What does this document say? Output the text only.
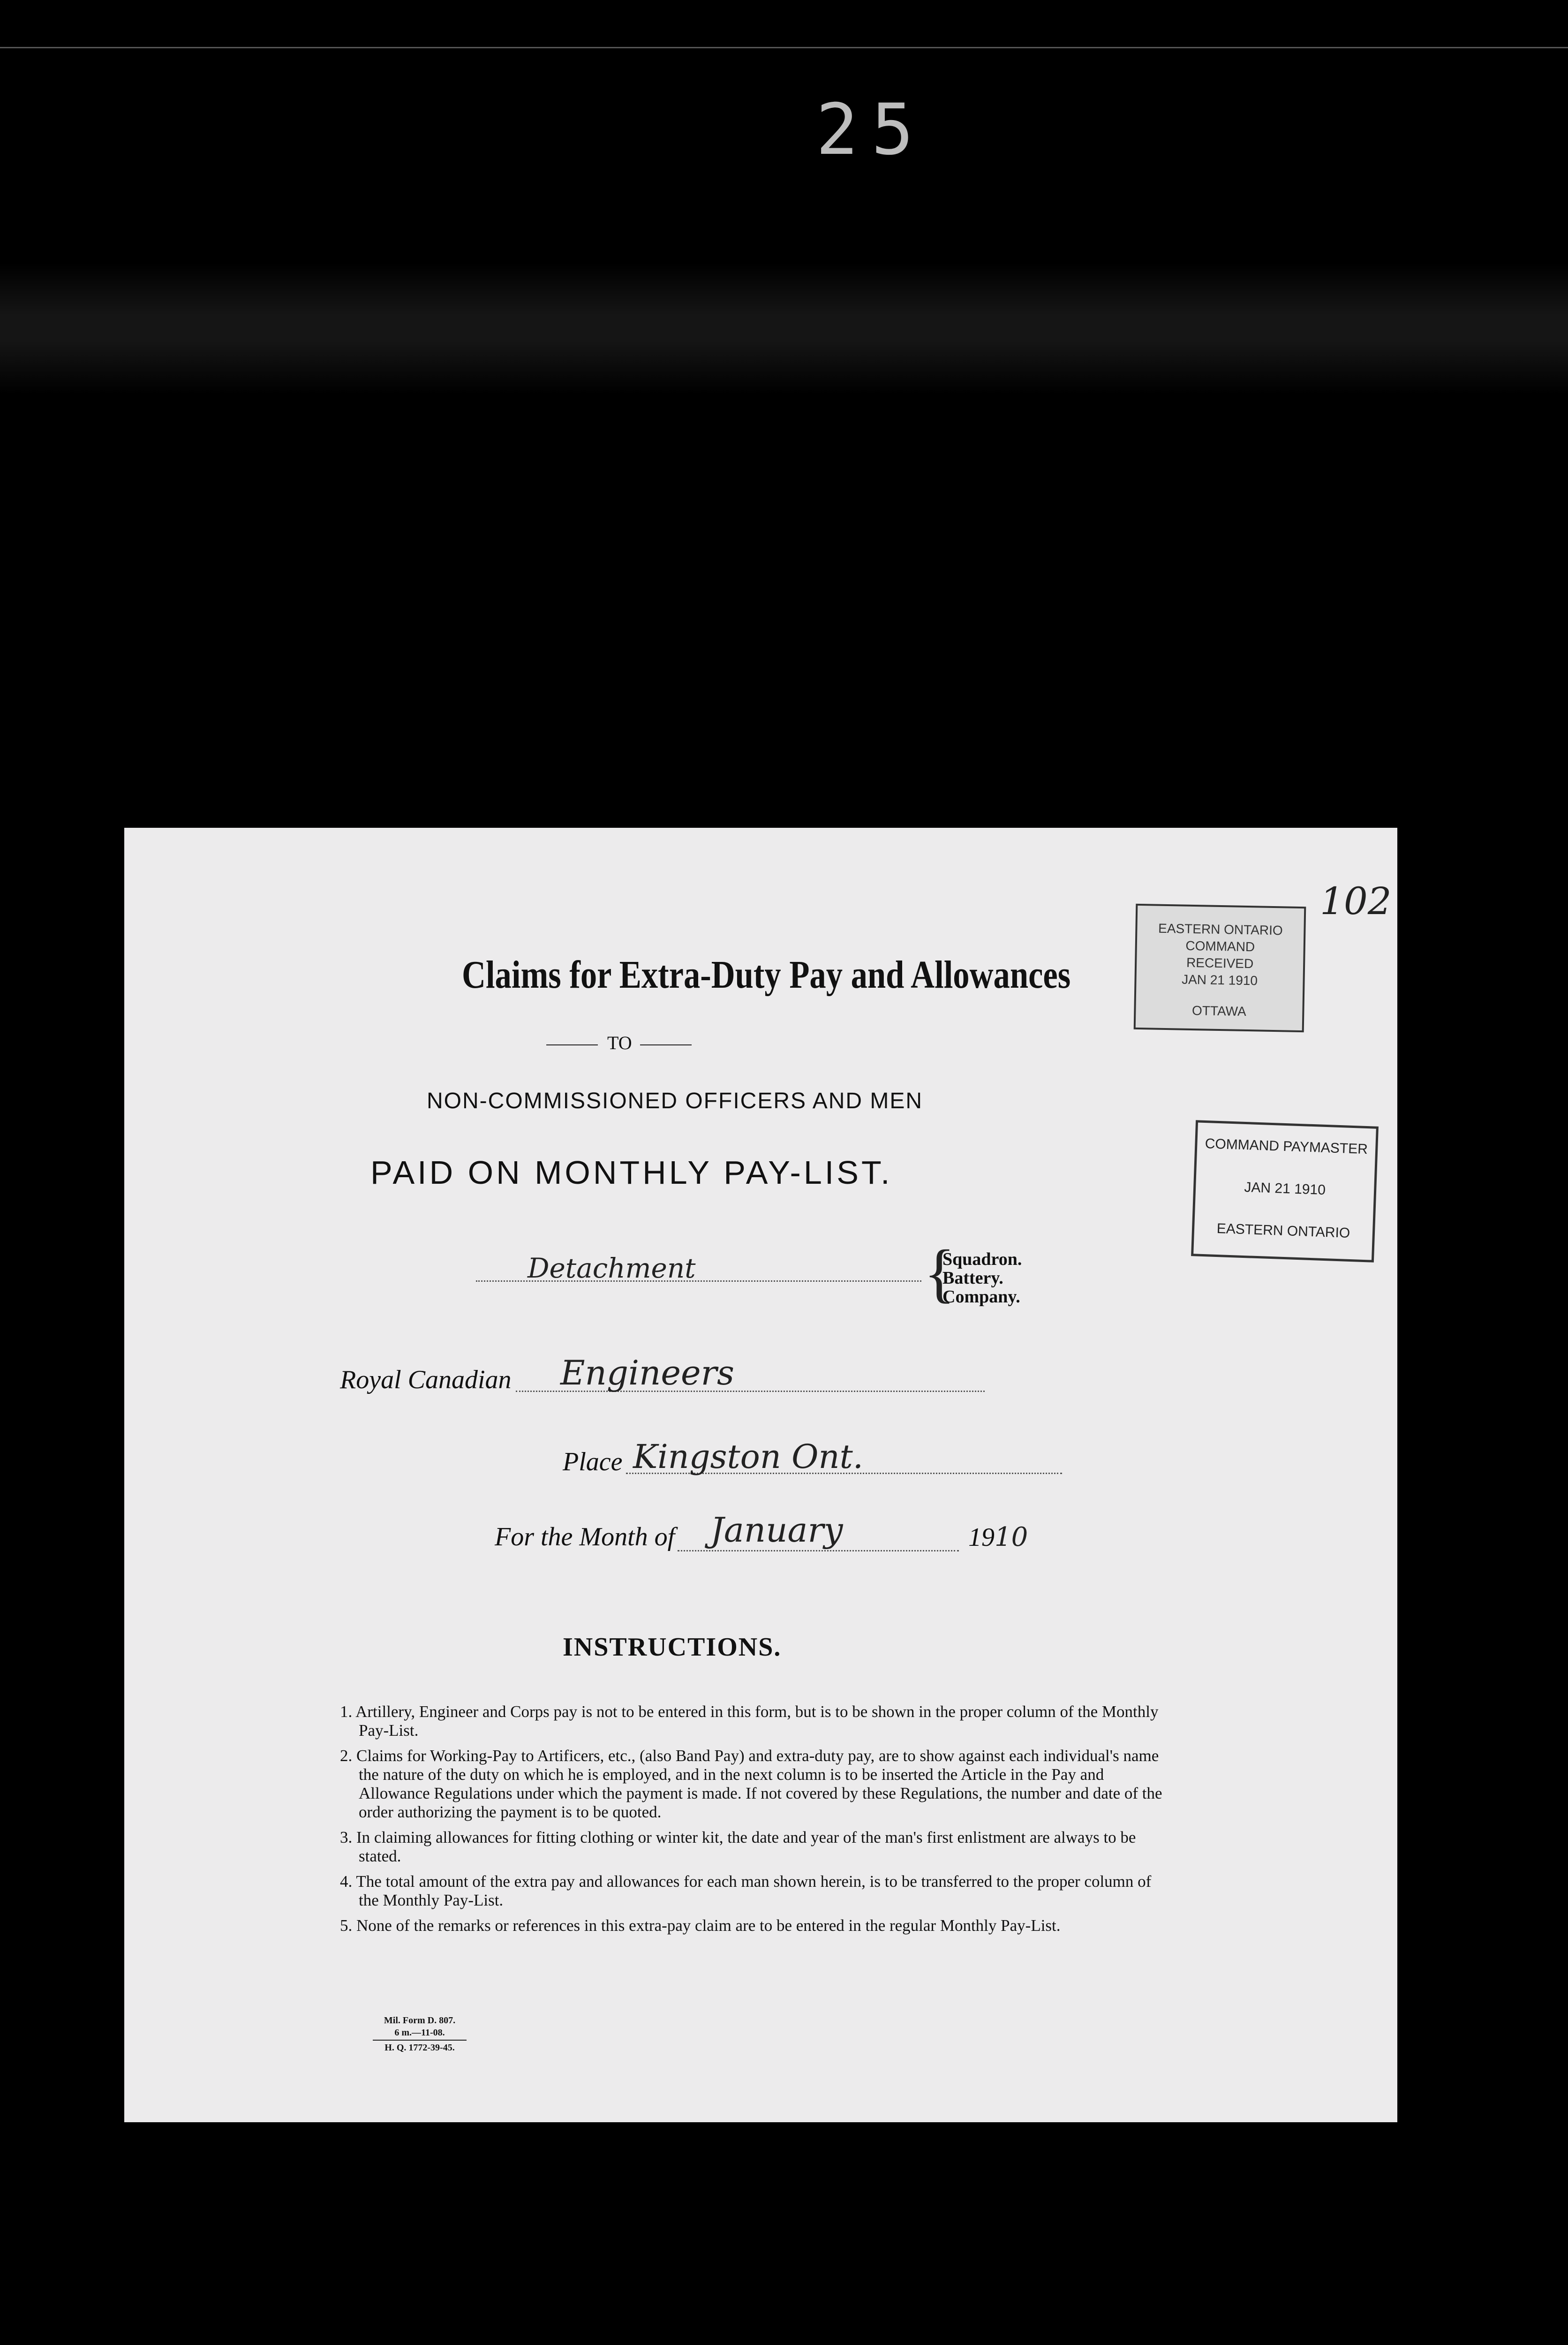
25
102
EASTERN ONTARIO COMMAND
RECEIVED
JAN 21 1910
OTTAWA
COMMAND PAYMASTER
JAN 21 1910
EASTERN ONTARIO
Claims for Extra-Duty Pay and Allowances
TO
NON-COMMISSIONED OFFICERS AND MEN
PAID ON MONTHLY PAY-LIST.
Detachment	{
Squadron.
Battery.
Company.
Royal Canadian Engineers
Place Kingston Ont.
For the Month of January	1910
INSTRUCTIONS.
1. Artillery, Engineer and Corps pay is not to be entered in this form, but is to be shown in the proper column of the Monthly Pay-List.
2. Claims for Working-Pay to Artificers, etc., (also Band Pay) and extra-duty pay, are to show against each individual's name the nature of the duty on which he is employed, and in the next column is to be inserted the Article in the Pay and Allowance Regulations under which the payment is made. If not covered by these Regulations, the number and date of the order authorizing the payment is to be quoted.
3. In claiming allowances for fitting clothing or winter kit, the date and year of the man's first enlistment are always to be stated.
4. The total amount of the extra pay and allowances for each man shown herein, is to be transferred to the proper column of the Monthly Pay-List.
5. None of the remarks or references in this extra-pay claim are to be entered in the regular Monthly Pay-List.
Mil. Form D. 807.
6 m.—11-08.
H. Q. 1772-39-45.
